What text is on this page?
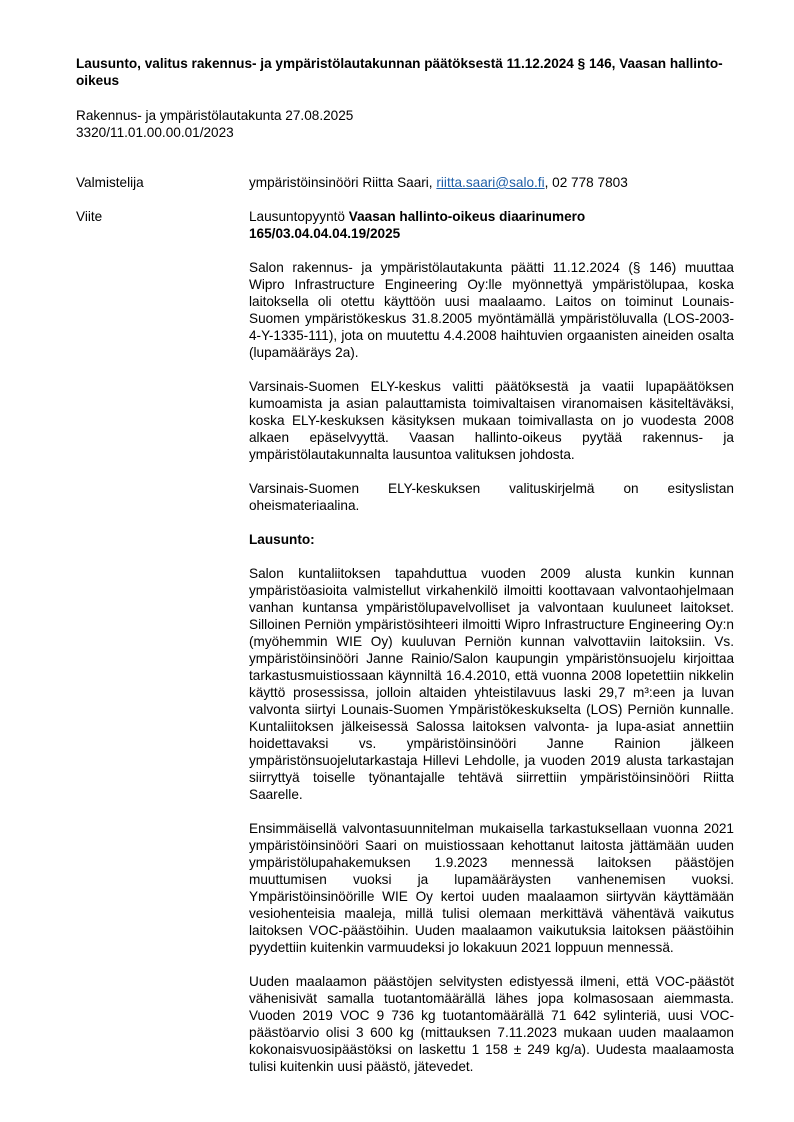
Lausunto, valitus rakennus- ja ympäristölautakunnan päätöksestä 11.12.2024 § 146, Vaasan hallinto-oikeus
Rakennus- ja ympäristölautakunta 27.08.2025
3320/11.01.00.00.01/2023
Valmistelija	ympäristöinsinööri Riitta Saari, riitta.saari@salo.fi, 02 778 7803
Viite	Lausuntopyyntö Vaasan hallinto-oikeus diaarinumero 165/03.04.04.04.19/2025

Salon rakennus- ja ympäristölautakunta päätti 11.12.2024 (§ 146) muuttaa Wipro Infrastructure Engineering Oy:lle myönnettyä ympäristölupaa, koska laitoksella oli otettu käyttöön uusi maalaamo. Laitos on toiminut Lounais-Suomen ympäristökeskus 31.8.2005 myöntämällä ympäristöluvalla (LOS-2003-4-Y-1335-111), jota on muutettu 4.4.2008 haihtuvien orgaanisten aineiden osalta (lupamääräys 2a).

Varsinais-Suomen ELY-keskus valitti päätöksestä ja vaatii lupapäätöksen kumoamista ja asian palauttamista toimivaltaisen viranomaisen käsiteltäväksi, koska ELY-keskuksen käsityksen mukaan toimivallasta on jo vuodesta 2008 alkaen epäselvyyttä. Vaasan hallinto-oikeus pyytää rakennus- ja ympäristölautakunnalta lausuntoa valituksen johdosta.

Varsinais-Suomen ELY-keskuksen valituskirjelmä on esityslistan oheismateriaalina.

Lausunto:

Salon kuntaliitoksen tapahduttua vuoden 2009 alusta kunkin kunnan ympäristöasioita valmistellut virkahenkilö ilmoitti koottavaan valvontaohjelmaan vanhan kuntansa ympäristölupavelvolliset ja valvontaan kuuluneet laitokset. Silloinen Perniön ympäristösihteeri ilmoitti Wipro Infrastructure Engineering Oy:n (myöhemmin WIE Oy) kuuluvan Perniön kunnan valvottaviin laitoksiin. Vs. ympäristöinsinööri Janne Rainio/Salon kaupungin ympäristönsuojelu kirjoittaa tarkastusmuistiossaan käynniltä 16.4.2010, että vuonna 2008 lopetettiin nikkelin käyttö prosessissa, jolloin altaiden yhteistilavuus laski 29,7 m³:een ja luvan valvonta siirtyi Lounais-Suomen Ympäristökeskukselta (LOS) Perniön kunnalle. Kuntaliitoksen jälkeisessä Salossa laitoksen valvonta- ja lupa-asiat annettiin hoidettavaksi vs. ympäristöinsinööri Janne Rainion jälkeen ympäristönsuojelutarkastaja Hillevi Lehdolle, ja vuoden 2019 alusta tarkastajan siirryttyä toiselle työnantajalle tehtävä siirrettiin ympäristöinsinööri Riitta Saarelle.

Ensimmäisellä valvontasuunnitelman mukaisella tarkastuksellaan vuonna 2021 ympäristöinsinööri Saari on muistiossaan kehottanut laitosta jättämään uuden ympäristölupahakemuksen 1.9.2023 mennessä laitoksen päästöjen muuttumisen vuoksi ja lupamääräysten vanhenemisen vuoksi. Ympäristöinsinöörille WIE Oy kertoi uuden maalaamon siirtyvän käyttämään vesiohenteisia maaleja, millä tulisi olemaan merkittävä vähentävä vaikutus laitoksen VOC-päästöihin. Uuden maalaamon vaikutuksia laitoksen päästöihin pyydettiin kuitenkin varmuudeksi jo lokakuun 2021 loppuun mennessä.

Uuden maalaamon päästöjen selvitysten edistyessä ilmeni, että VOC-päästöt vähenisivät samalla tuotantomäärällä lähes jopa kolmasosaan aiemmasta. Vuoden 2019 VOC 9 736 kg tuotantomäärällä 71 642 sylinteriä, uusi VOC-päästöarvio olisi 3 600 kg (mittauksen 7.11.2023 mukaan uuden maalaamon kokonaisvuosipäästöksi on laskettu 1 158 ± 249 kg/a). Uudesta maalaamosta tulisi kuitenkin uusi päästö, jätevedet.
